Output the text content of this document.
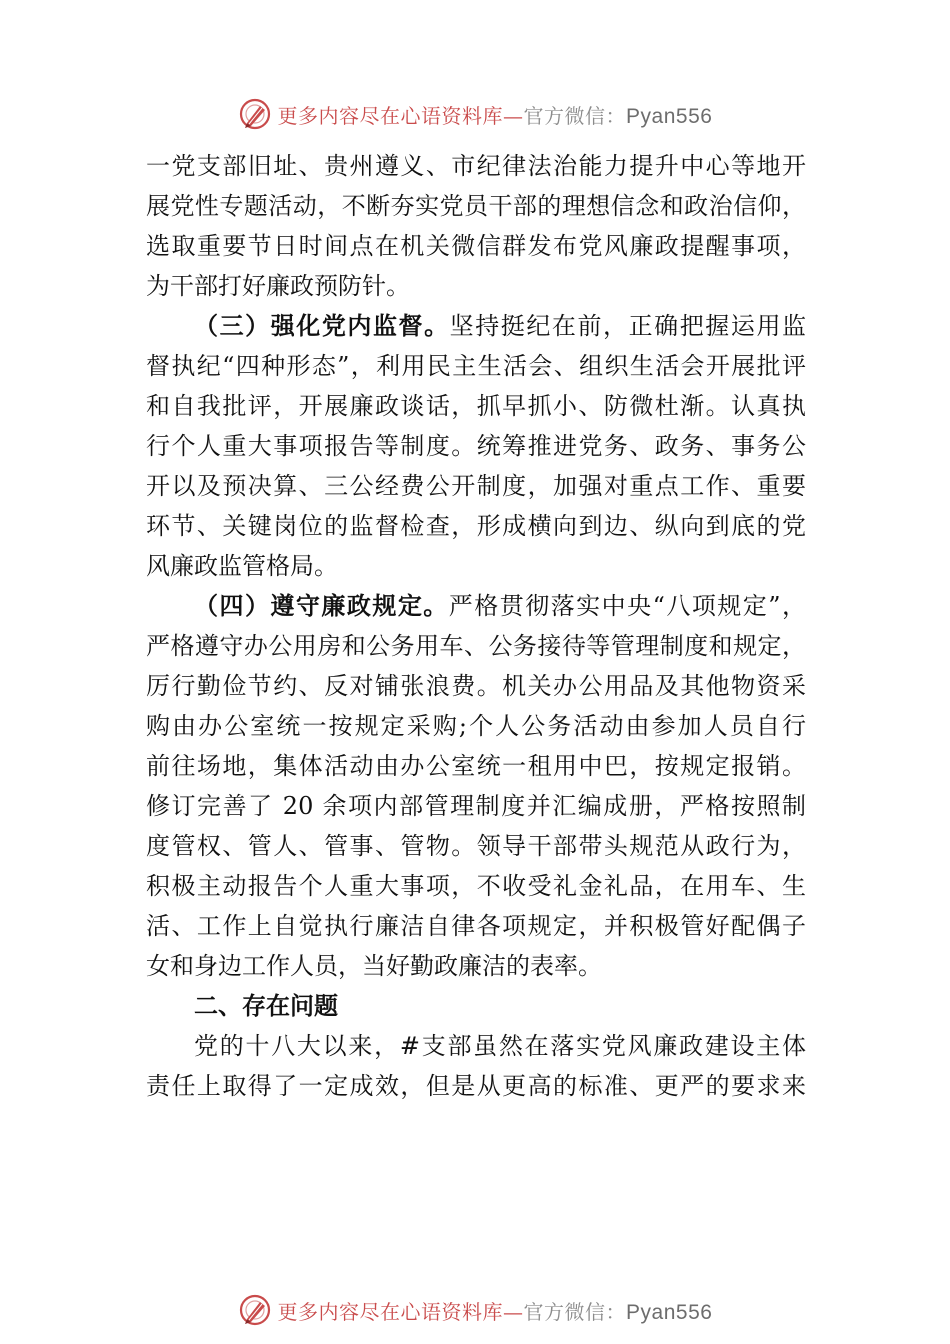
更多内容尽在心语资料库—官方微信：Pyan556
一党支部旧址、贵州遵义、市纪律法治能力提升中心等地开
展党性专题活动，不断夯实党员干部的理想信念和政治信仰，
选取重要节日时间点在机关微信群发布党风廉政提醒事项，
为干部打好廉政预防针。
（三）强化党内监督。坚持挺纪在前，正确把握运用监
督执纪“四种形态”，利用民主生活会、组织生活会开展批评
和自我批评，开展廉政谈话，抓早抓小、防微杜渐。认真执
行个人重大事项报告等制度。统筹推进党务、政务、事务公
开以及预决算、三公经费公开制度，加强对重点工作、重要
环节、关键岗位的监督检查，形成横向到边、纵向到底的党
风廉政监管格局。
（四）遵守廉政规定。严格贯彻落实中央“八项规定”，
严格遵守办公用房和公务用车、公务接待等管理制度和规定，
厉行勤俭节约、反对铺张浪费。机关办公用品及其他物资采
购由办公室统一按规定采购;个人公务活动由参加人员自行
前往场地，集体活动由办公室统一租用中巴，按规定报销。
修订完善了 20 余项内部管理制度并汇编成册，严格按照制
度管权、管人、管事、管物。领导干部带头规范从政行为，
积极主动报告个人重大事项，不收受礼金礼品，在用车、生
活、工作上自觉执行廉洁自律各项规定，并积极管好配偶子
女和身边工作人员，当好勤政廉洁的表率。
二、存在问题
党的十八大以来，#支部虽然在落实党风廉政建设主体
责任上取得了一定成效，但是从更高的标准、更严的要求来
更多内容尽在心语资料库—官方微信：Pyan556
